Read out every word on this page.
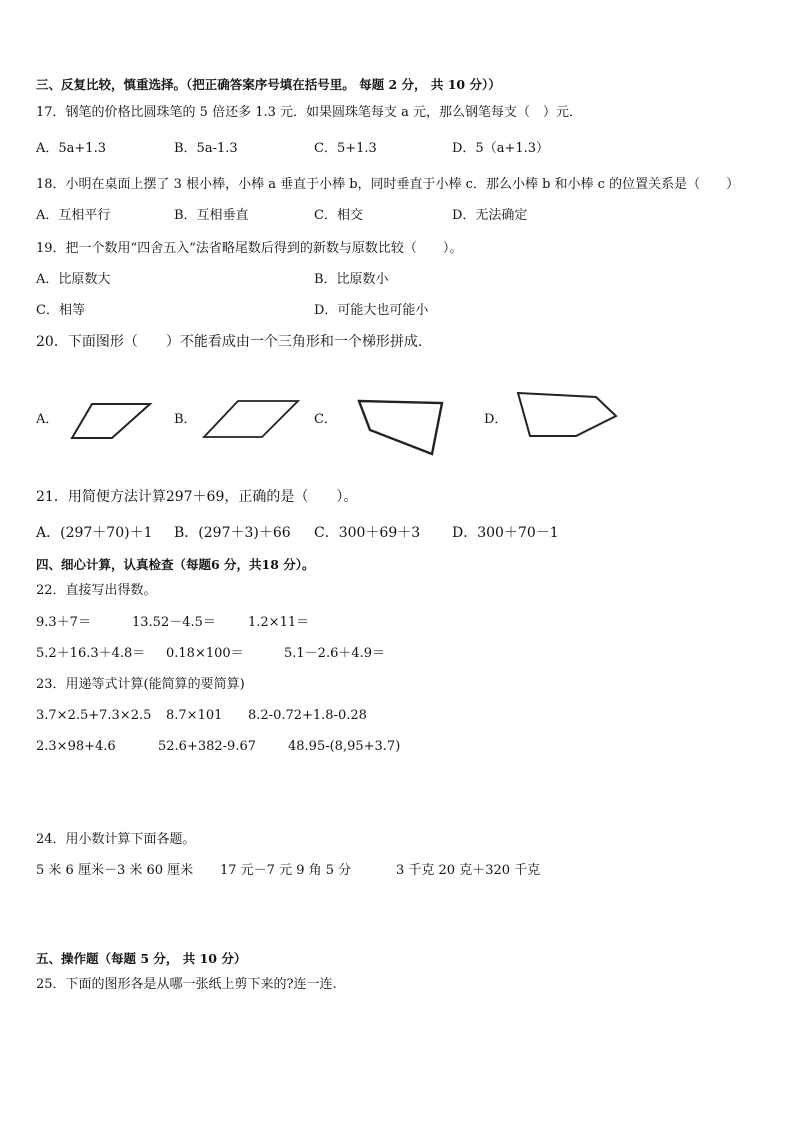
三、反复比较，慎重选择。（把正确答案序号填在括号里。 每题 2 分， 共 10 分））
17．钢笔的价格比圆珠笔的 5 倍还多 1.3 元．如果圆珠笔每支 a 元，那么钢笔每支（　）元．
A．5a+1.3	B．5a-1.3	C．5+1.3	D．5（a+1.3）
18．小明在桌面上摆了 3 根小棒，小棒 a 垂直于小棒 b，同时垂直于小棒 c．那么小棒 b 和小棒 c 的位置关系是（　　）
A．互相平行	B．互相垂直	C．相交	D．无法确定
19．把一个数用“四舍五入”法省略尾数后得到的新数与原数比较（　　）。
A．比原数大	B．比原数小
C．相等	D．可能大也可能小
20．下面图形（　　）不能看成由一个三角形和一个梯形拼成.
A．	B．	C．	D．
21．用简便方法计算297＋69，正确的是（　　）。
A．(297＋70)＋1 B．(297＋3)＋66 C．300＋69＋3 D．300＋70－1
四、细心计算，认真检查（每题6 分，共18 分）。
22．直接写出得数。
9.3＋7＝	13.52－4.5＝ 1.2×11＝
5.2＋16.3＋4.8＝ 0.18×100＝	5.1－2.6＋4.9＝
23．用递等式计算(能简算的要简算)
3.7×2.5+7.3×2.5 8.7×101 8.2-0.72+1.8-0.28
2.3×98+4.6	52.6+382-9.67 48.95-(8,95+3.7)
24．用小数计算下面各题。
5 米 6 厘米－3 米 60 厘米 17 元－7 元 9 角 5 分	3 千克 20 克＋320 千克
五、操作题（每题 5 分， 共 10 分）
25．下面的图形各是从哪一张纸上剪下来的?连一连.
